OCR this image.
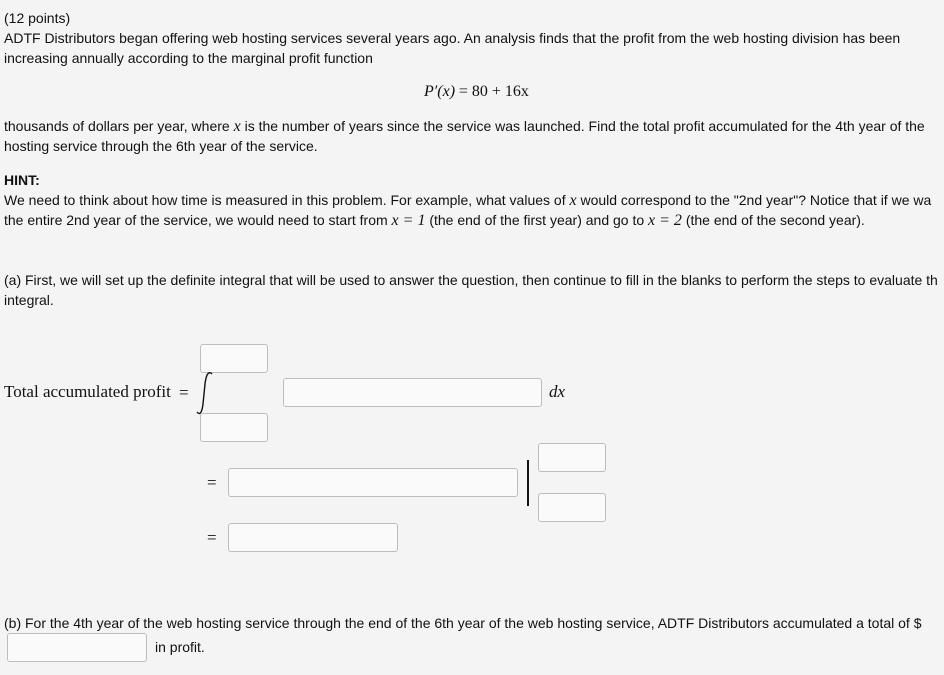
(12 points)
ADTF Distributors began offering web hosting services several years ago. An analysis finds that the profit from the web hosting division has been
increasing annually according to the marginal profit function
P′(x) = 80 + 16x
thousands of dollars per year, where x is the number of years since the service was launched. Find the total profit accumulated for the 4th year of the
hosting service through the 6th year of the service.
HINT:
We need to think about how time is measured in this problem. For example, what values of x would correspond to the "2nd year"? Notice that if we wa
the entire 2nd year of the service, we would need to start from x = 1 (the end of the first year) and go to x = 2 (the end of the second year).
(a) First, we will set up the definite integral that will be used to answer the question, then continue to fill in the blanks to perform the steps to evaluate th
integral.
Total accumulated profit =	dx
=
=
(b) For the 4th year of the web hosting service through the end of the 6th year of the web hosting service, ADTF Distributors accumulated a total of $
in profit.
